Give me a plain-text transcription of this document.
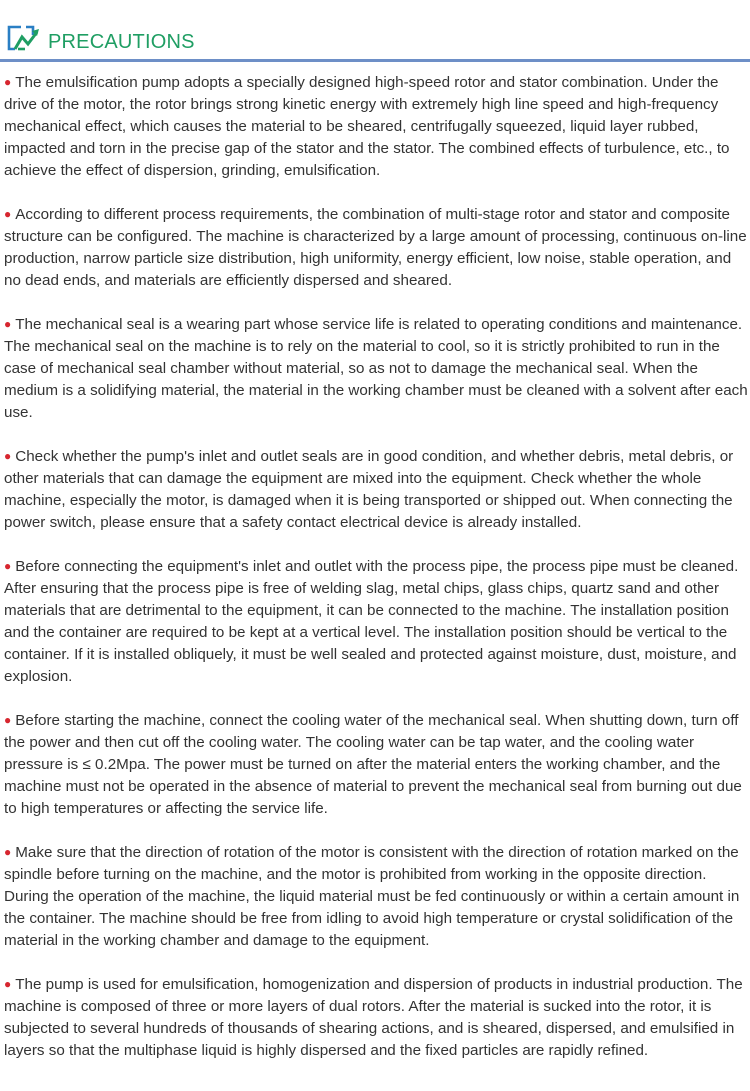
PRECAUTIONS

● The emulsification pump adopts a specially designed high-speed rotor and stator combination. Under the drive of the motor, the rotor brings strong kinetic energy with extremely high line speed and high-frequency mechanical effect, which causes the material to be sheared, centrifugally squeezed, liquid layer rubbed, impacted and torn in the precise gap of the stator and the stator. The combined effects of turbulence, etc., to achieve the effect of dispersion, grinding, emulsification.

● According to different process requirements, the combination of multi-stage rotor and stator and composite structure can be configured. The machine is characterized by a large amount of processing, continuous on-line production, narrow particle size distribution, high uniformity, energy efficient, low noise, stable operation, and no dead ends, and materials are efficiently dispersed and sheared.

● The mechanical seal is a wearing part whose service life is related to operating conditions and maintenance. The mechanical seal on the machine is to rely on the material to cool, so it is strictly prohibited to run in the case of mechanical seal chamber without material, so as not to damage the mechanical seal. When the medium is a solidifying material, the material in the working chamber must be cleaned with a solvent after each use.

● Check whether the pump's inlet and outlet seals are in good condition, and whether debris, metal debris, or other materials that can damage the equipment are mixed into the equipment. Check whether the whole machine, especially the motor, is damaged when it is being transported or shipped out. When connecting the power switch, please ensure that a safety contact electrical device is already installed.

● Before connecting the equipment's inlet and outlet with the process pipe, the process pipe must be cleaned. After ensuring that the process pipe is free of welding slag, metal chips, glass chips, quartz sand and other materials that are detrimental to the equipment, it can be connected to the machine. The installation position and the container are required to be kept at a vertical level. The installation position should be vertical to the container. If it is installed obliquely, it must be well sealed and protected against moisture, dust, moisture, and explosion.

● Before starting the machine, connect the cooling water of the mechanical seal. When shutting down, turn off the power and then cut off the cooling water. The cooling water can be tap water, and the cooling water pressure is ≤ 0.2Mpa. The power must be turned on after the material enters the working chamber, and the machine must not be operated in the absence of material to prevent the mechanical seal from burning out due to high temperatures or affecting the service life.

● Make sure that the direction of rotation of the motor is consistent with the direction of rotation marked on the spindle before turning on the machine, and the motor is prohibited from working in the opposite direction. During the operation of the machine, the liquid material must be fed continuously or within a certain amount in the container. The machine should be free from idling to avoid high temperature or crystal solidification of the material in the working chamber and damage to the equipment.

● The pump is used for emulsification, homogenization and dispersion of products in industrial production. The machine is composed of three or more layers of dual rotors. After the material is sucked into the rotor, it is subjected to several hundreds of thousands of shearing actions, and is sheared, dispersed, and emulsified in layers so that the multiphase liquid is highly dispersed and the fixed particles are rapidly refined.
